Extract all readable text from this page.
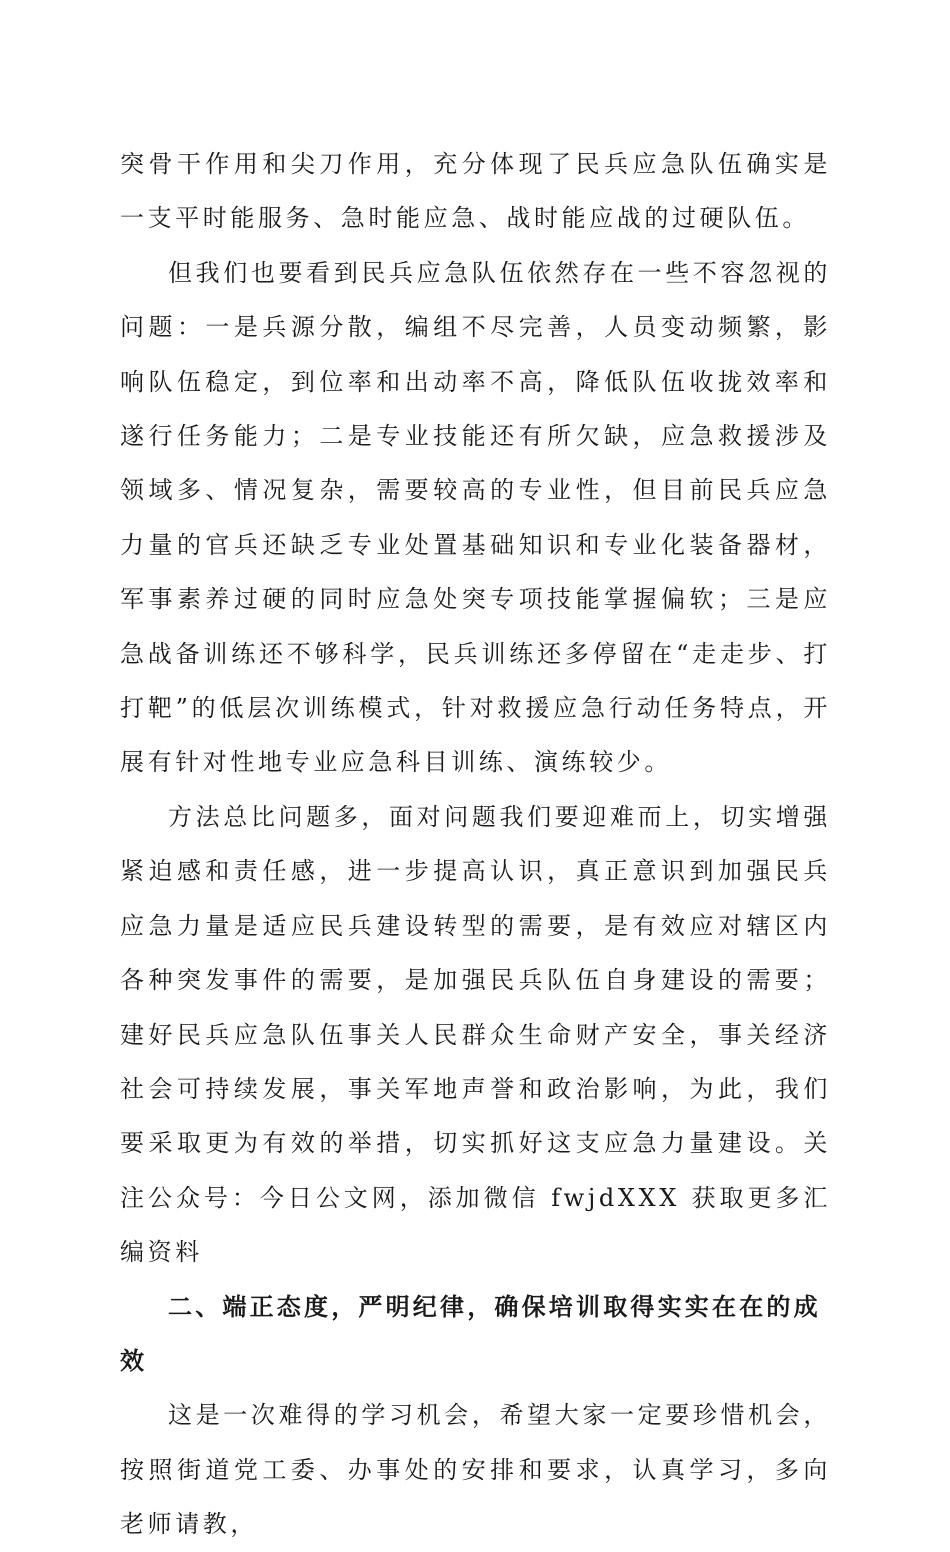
突骨干作用和尖刀作用，充分体现了民兵应急队伍确实是一支平时能服务、急时能应急、战时能应战的过硬队伍。

但我们也要看到民兵应急队伍依然存在一些不容忽视的问题：一是兵源分散，编组不尽完善，人员变动频繁，影响队伍稳定，到位率和出动率不高，降低队伍收拢效率和遂行任务能力；二是专业技能还有所欠缺，应急救援涉及领域多、情况复杂，需要较高的专业性，但目前民兵应急力量的官兵还缺乏专业处置基础知识和专业化装备器材，军事素养过硬的同时应急处突专项技能掌握偏软；三是应急战备训练还不够科学，民兵训练还多停留在“走走步、打打靶”的低层次训练模式，针对救援应急行动任务特点，开展有针对性地专业应急科目训练、演练较少。

方法总比问题多，面对问题我们要迎难而上，切实增强紧迫感和责任感，进一步提高认识，真正意识到加强民兵应急力量是适应民兵建设转型的需要，是有效应对辖区内各种突发事件的需要，是加强民兵队伍自身建设的需要；建好民兵应急队伍事关人民群众生命财产安全，事关经济社会可持续发展，事关军地声誉和政治影响，为此，我们要采取更为有效的举措，切实抓好这支应急力量建设。关注公众号：今日公文网，添加微信 fwjdXXX 获取更多汇编资料

二、端正态度，严明纪律，确保培训取得实实在在的成效

这是一次难得的学习机会，希望大家一定要珍惜机会，按照街道党工委、办事处的安排和要求，认真学习，多向老师请教，
